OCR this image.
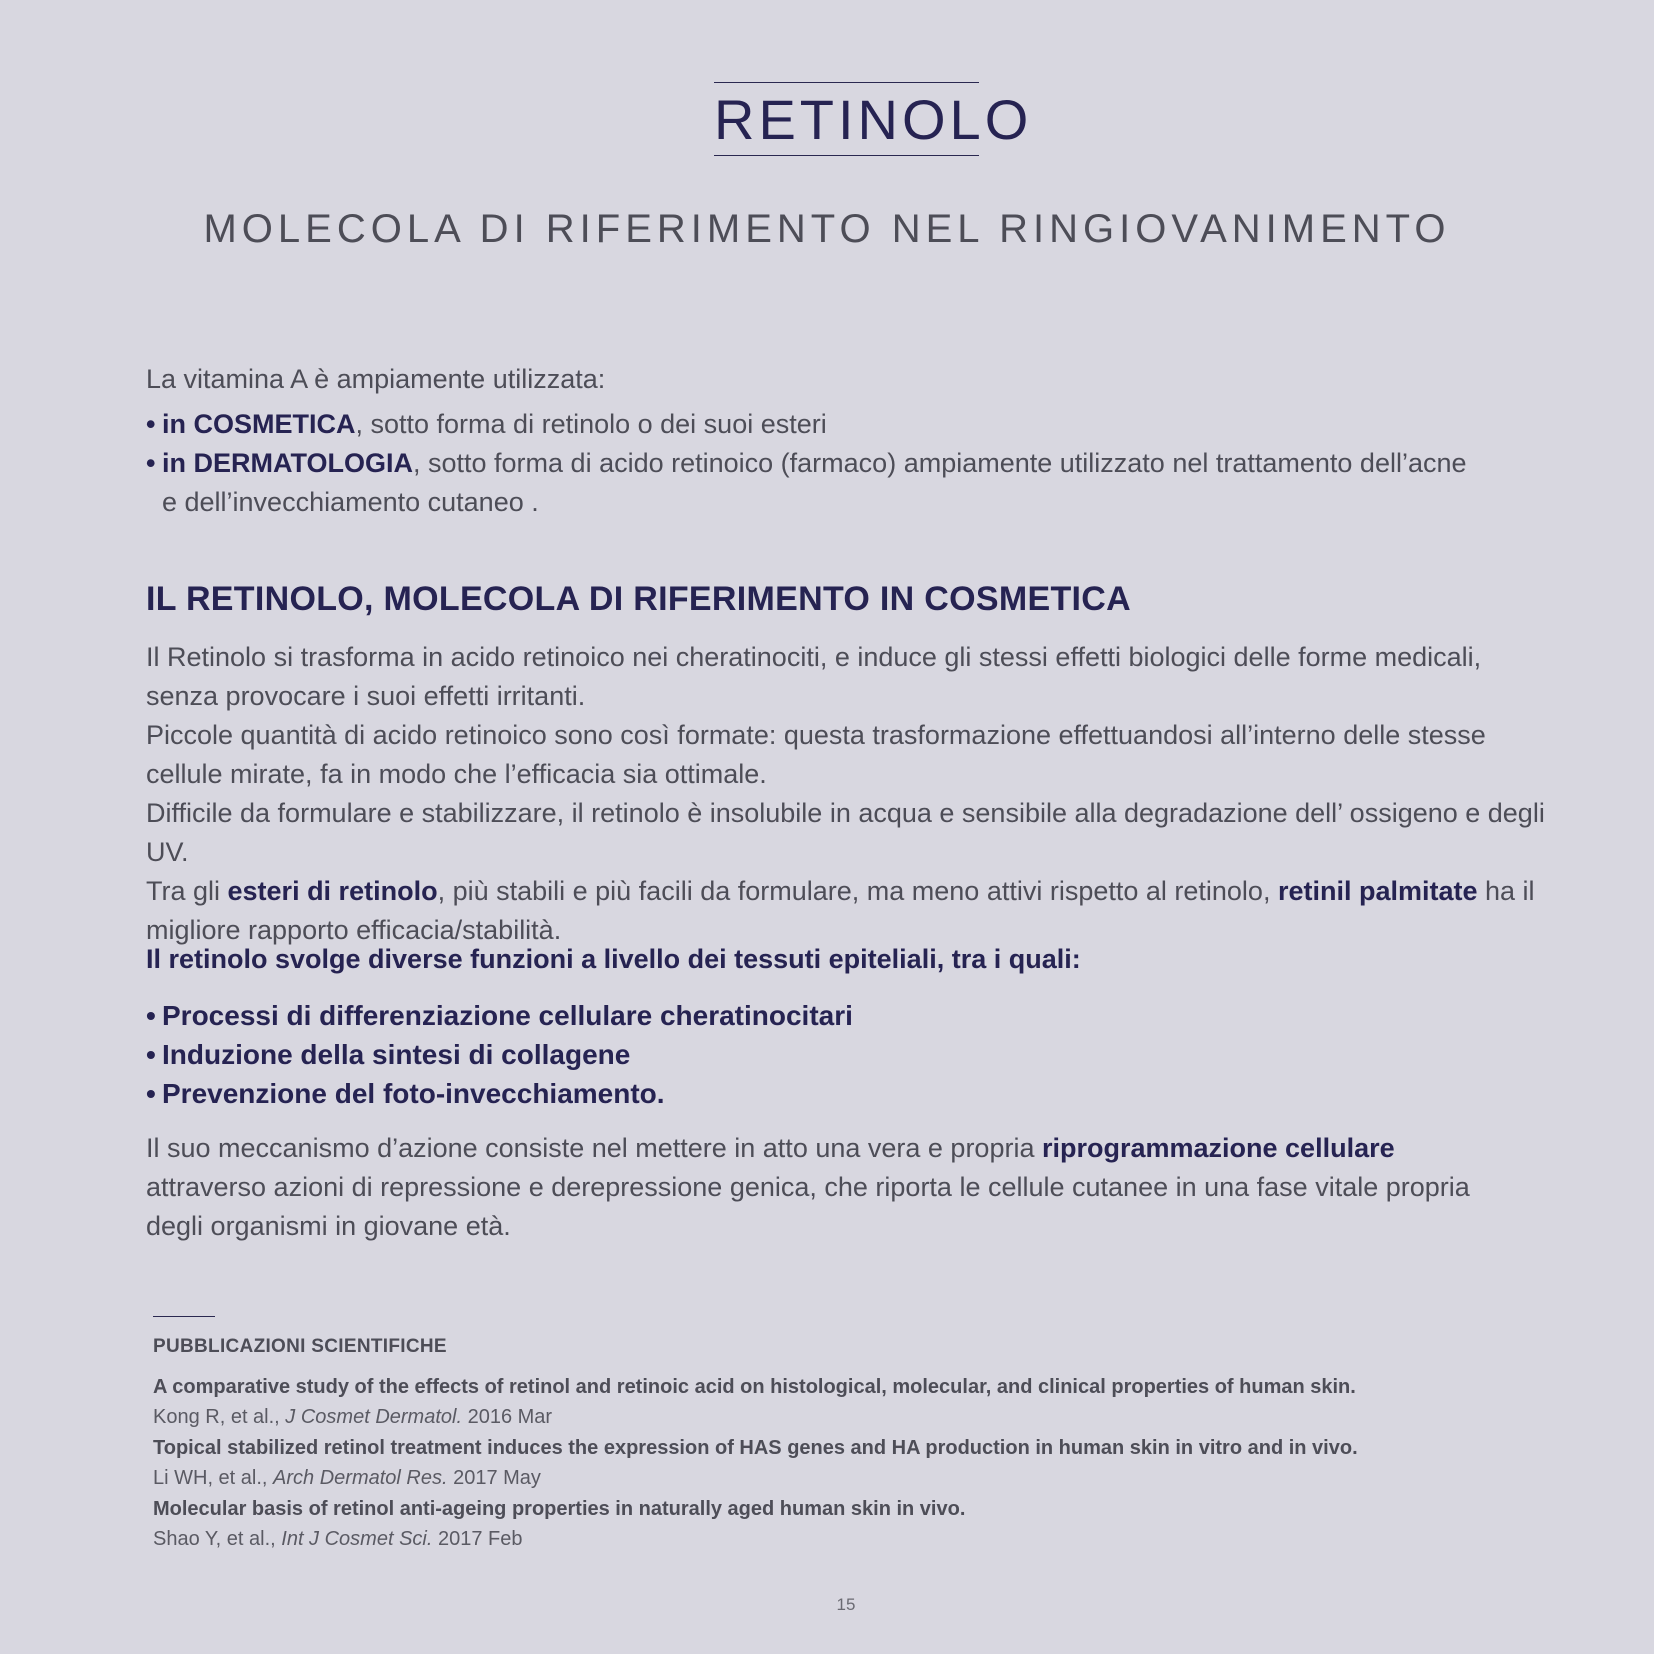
RETINOLO
MOLECOLA DI RIFERIMENTO NEL RINGIOVANIMENTO

La vitamina A è ampiamente utilizzata:

• in COSMETICA, sotto forma di retinolo o dei suoi esteri
• in DERMATOLOGIA, sotto forma di acido retinoico (farmaco) ampiamente utilizzato nel trattamento dell’acne
e dell’invecchiamento cutaneo .
IL RETINOLO, MOLECOLA DI RIFERIMENTO IN COSMETICA

Il Retinolo si trasforma in acido retinoico nei cheratinociti, e induce gli stessi effetti biologici delle forme medicali, senza provocare i suoi effetti irritanti.

Piccole quantità di acido retinoico sono così formate: questa trasformazione effettuandosi all’interno delle stesse cellule mirate, fa in modo che l’efficacia sia ottimale.

Difficile da formulare e stabilizzare, il retinolo è insolubile in acqua e sensibile alla degradazione dell’ ossigeno e degli UV.

Tra gli esteri di retinolo, più stabili e più facili da formulare, ma meno attivi rispetto al retinolo, retinil palmitate ha il migliore rapporto efficacia/stabilità.

Il retinolo svolge diverse funzioni a livello dei tessuti epiteliali, tra i quali:
• Processi di differenziazione cellulare cheratinocitari
• Induzione della sintesi di collagene
• Prevenzione del foto-invecchiamento.

Il suo meccanismo d’azione consiste nel mettere in atto una vera e propria riprogrammazione cellulare attraverso azioni di repressione e derepressione genica, che riporta le cellule cutanee in una fase vitale propria degli organismi in giovane età.

PUBBLICAZIONI SCIENTIFICHE
A comparative study of the effects of retinol and retinoic acid on histological, molecular, and clinical properties of human skin.
Kong R, et al., J Cosmet Dermatol. 2016 Mar
Topical stabilized retinol treatment induces the expression of HAS genes and HA production in human skin in vitro and in vivo.
Li WH, et al., Arch Dermatol Res. 2017 May
Molecular basis of retinol anti-ageing properties in naturally aged human skin in vivo.
Shao Y, et al., Int J Cosmet Sci. 2017 Feb
15
